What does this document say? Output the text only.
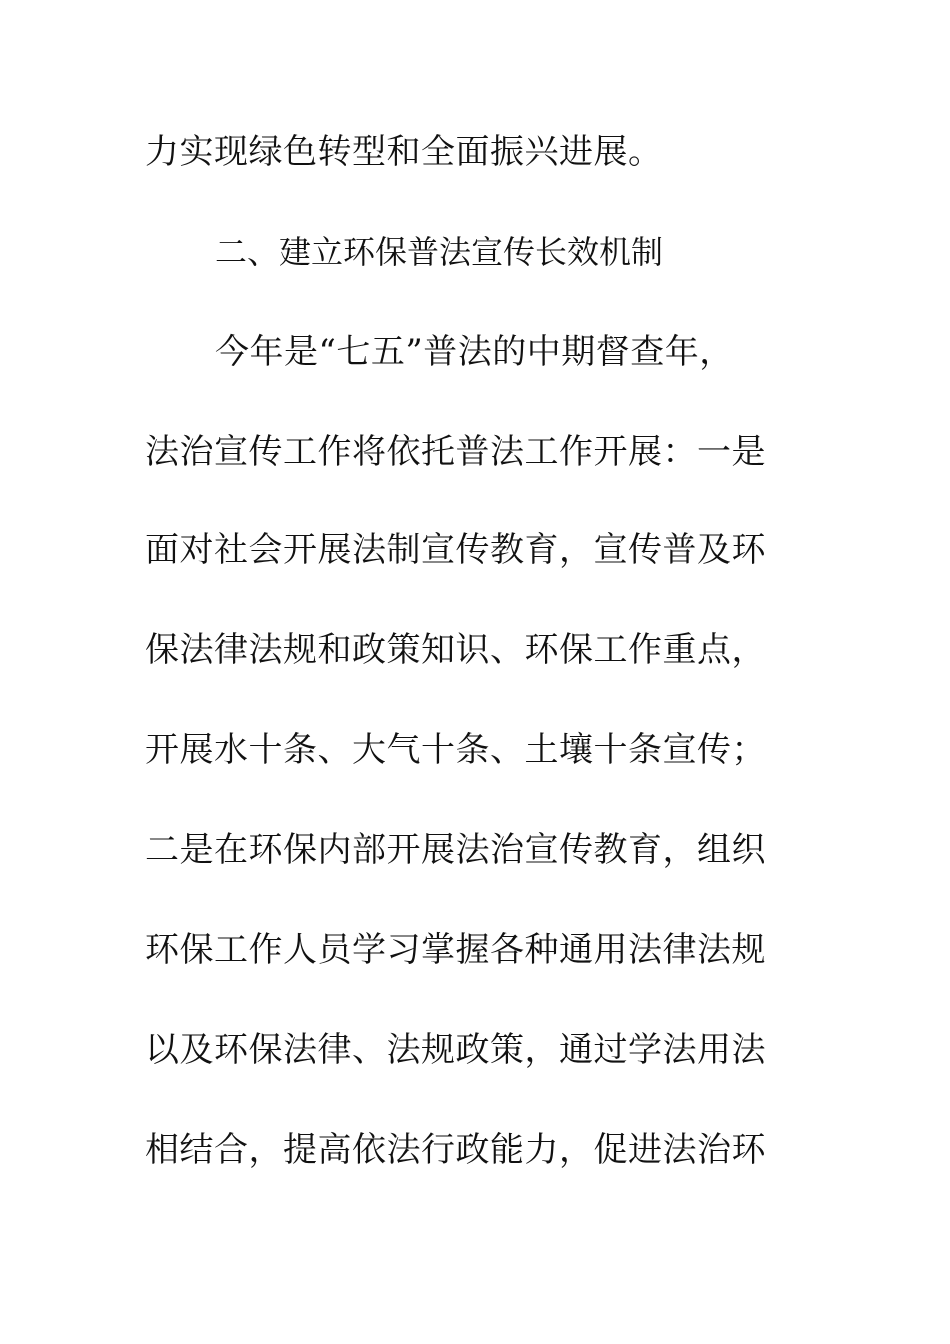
力实现绿色转型和全面振兴进展。
二、建立环保普法宣传长效机制
今年是“七五”普法的中期督查年，
法治宣传工作将依托普法工作开展：一是
面对社会开展法制宣传教育，宣传普及环
保法律法规和政策知识、环保工作重点，
开展水十条、大气十条、土壤十条宣传；
二是在环保内部开展法治宣传教育，组织
环保工作人员学习掌握各种通用法律法规
以及环保法律、法规政策，通过学法用法
相结合，提高依法行政能力，促进法治环
